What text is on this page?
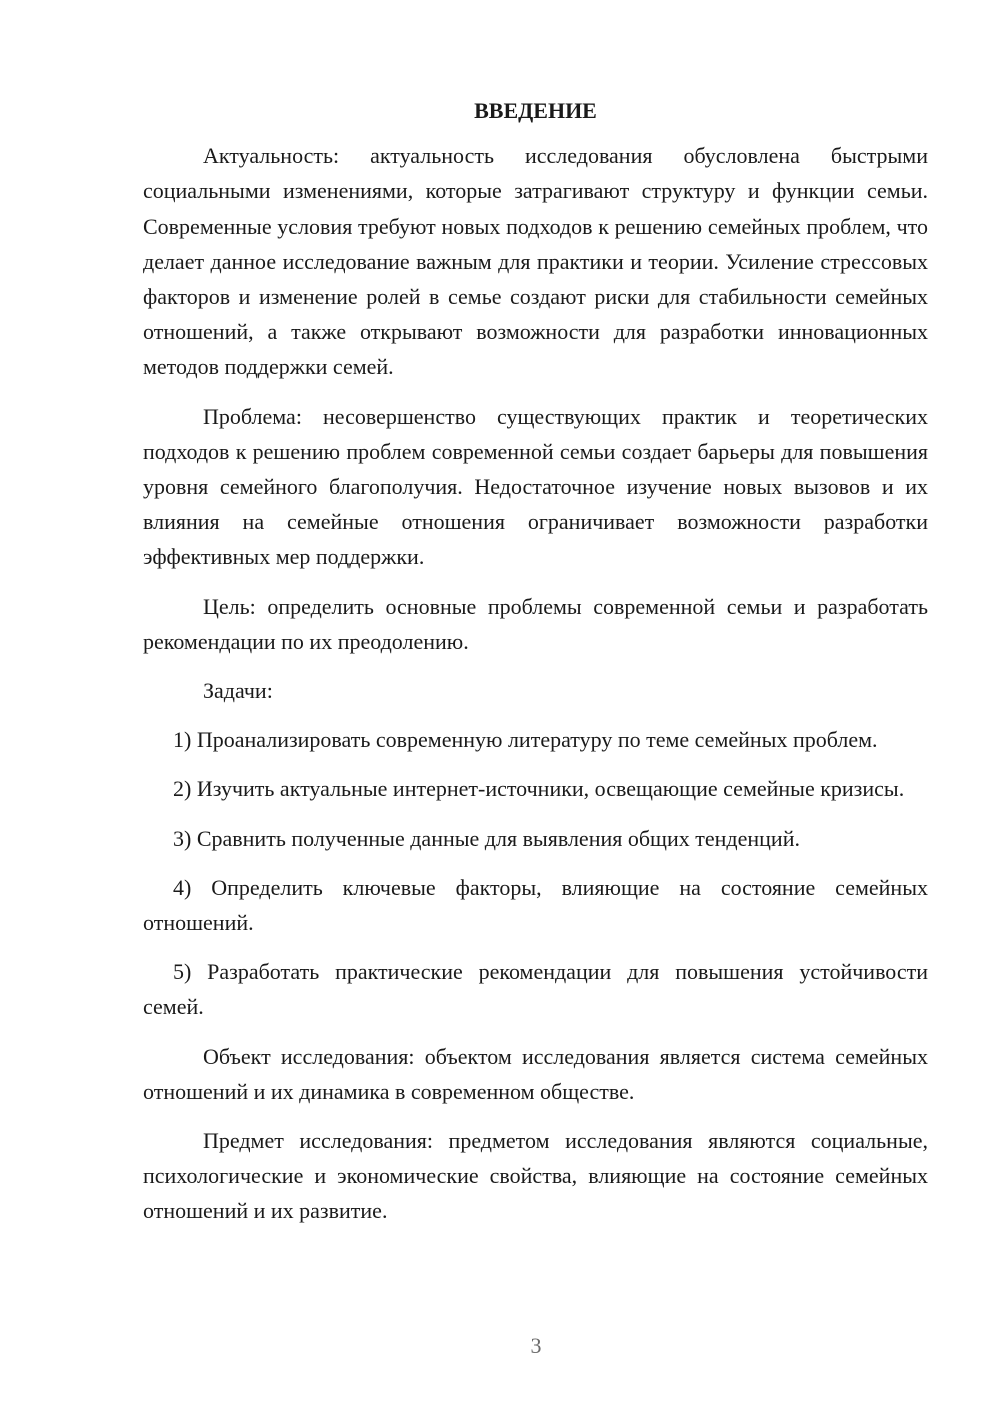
ВВЕДЕНИЕ

Актуальность: актуальность исследования обусловлена быстрыми социальными изменениями, которые затрагивают структуру и функции семьи. Современные условия требуют новых подходов к решению семейных проблем, что делает данное исследование важным для практики и теории. Усиление стрессовых факторов и изменение ролей в семье создают риски для стабильности семейных отношений, а также открывают возможности для разработки инновационных методов поддержки семей.

Проблема: несовершенство существующих практик и теоретических подходов к решению проблем современной семьи создает барьеры для повышения уровня семейного благополучия. Недостаточное изучение новых вызовов и их влияния на семейные отношения ограничивает возможности разработки эффективных мер поддержки.

Цель: определить основные проблемы современной семьи и разработать рекомендации по их преодолению.

Задачи:

1) Проанализировать современную литературу по теме семейных проблем.

2) Изучить актуальные интернет-источники, освещающие семейные кризисы.

3) Сравнить полученные данные для выявления общих тенденций.

4) Определить ключевые факторы, влияющие на состояние семейных отношений.

5) Разработать практические рекомендации для повышения устойчивости семей.

Объект исследования: объектом исследования является система семейных отношений и их динамика в современном обществе.

Предмет исследования: предметом исследования являются социальные, психологические и экономические свойства, влияющие на состояние семейных отношений и их развитие.

3
